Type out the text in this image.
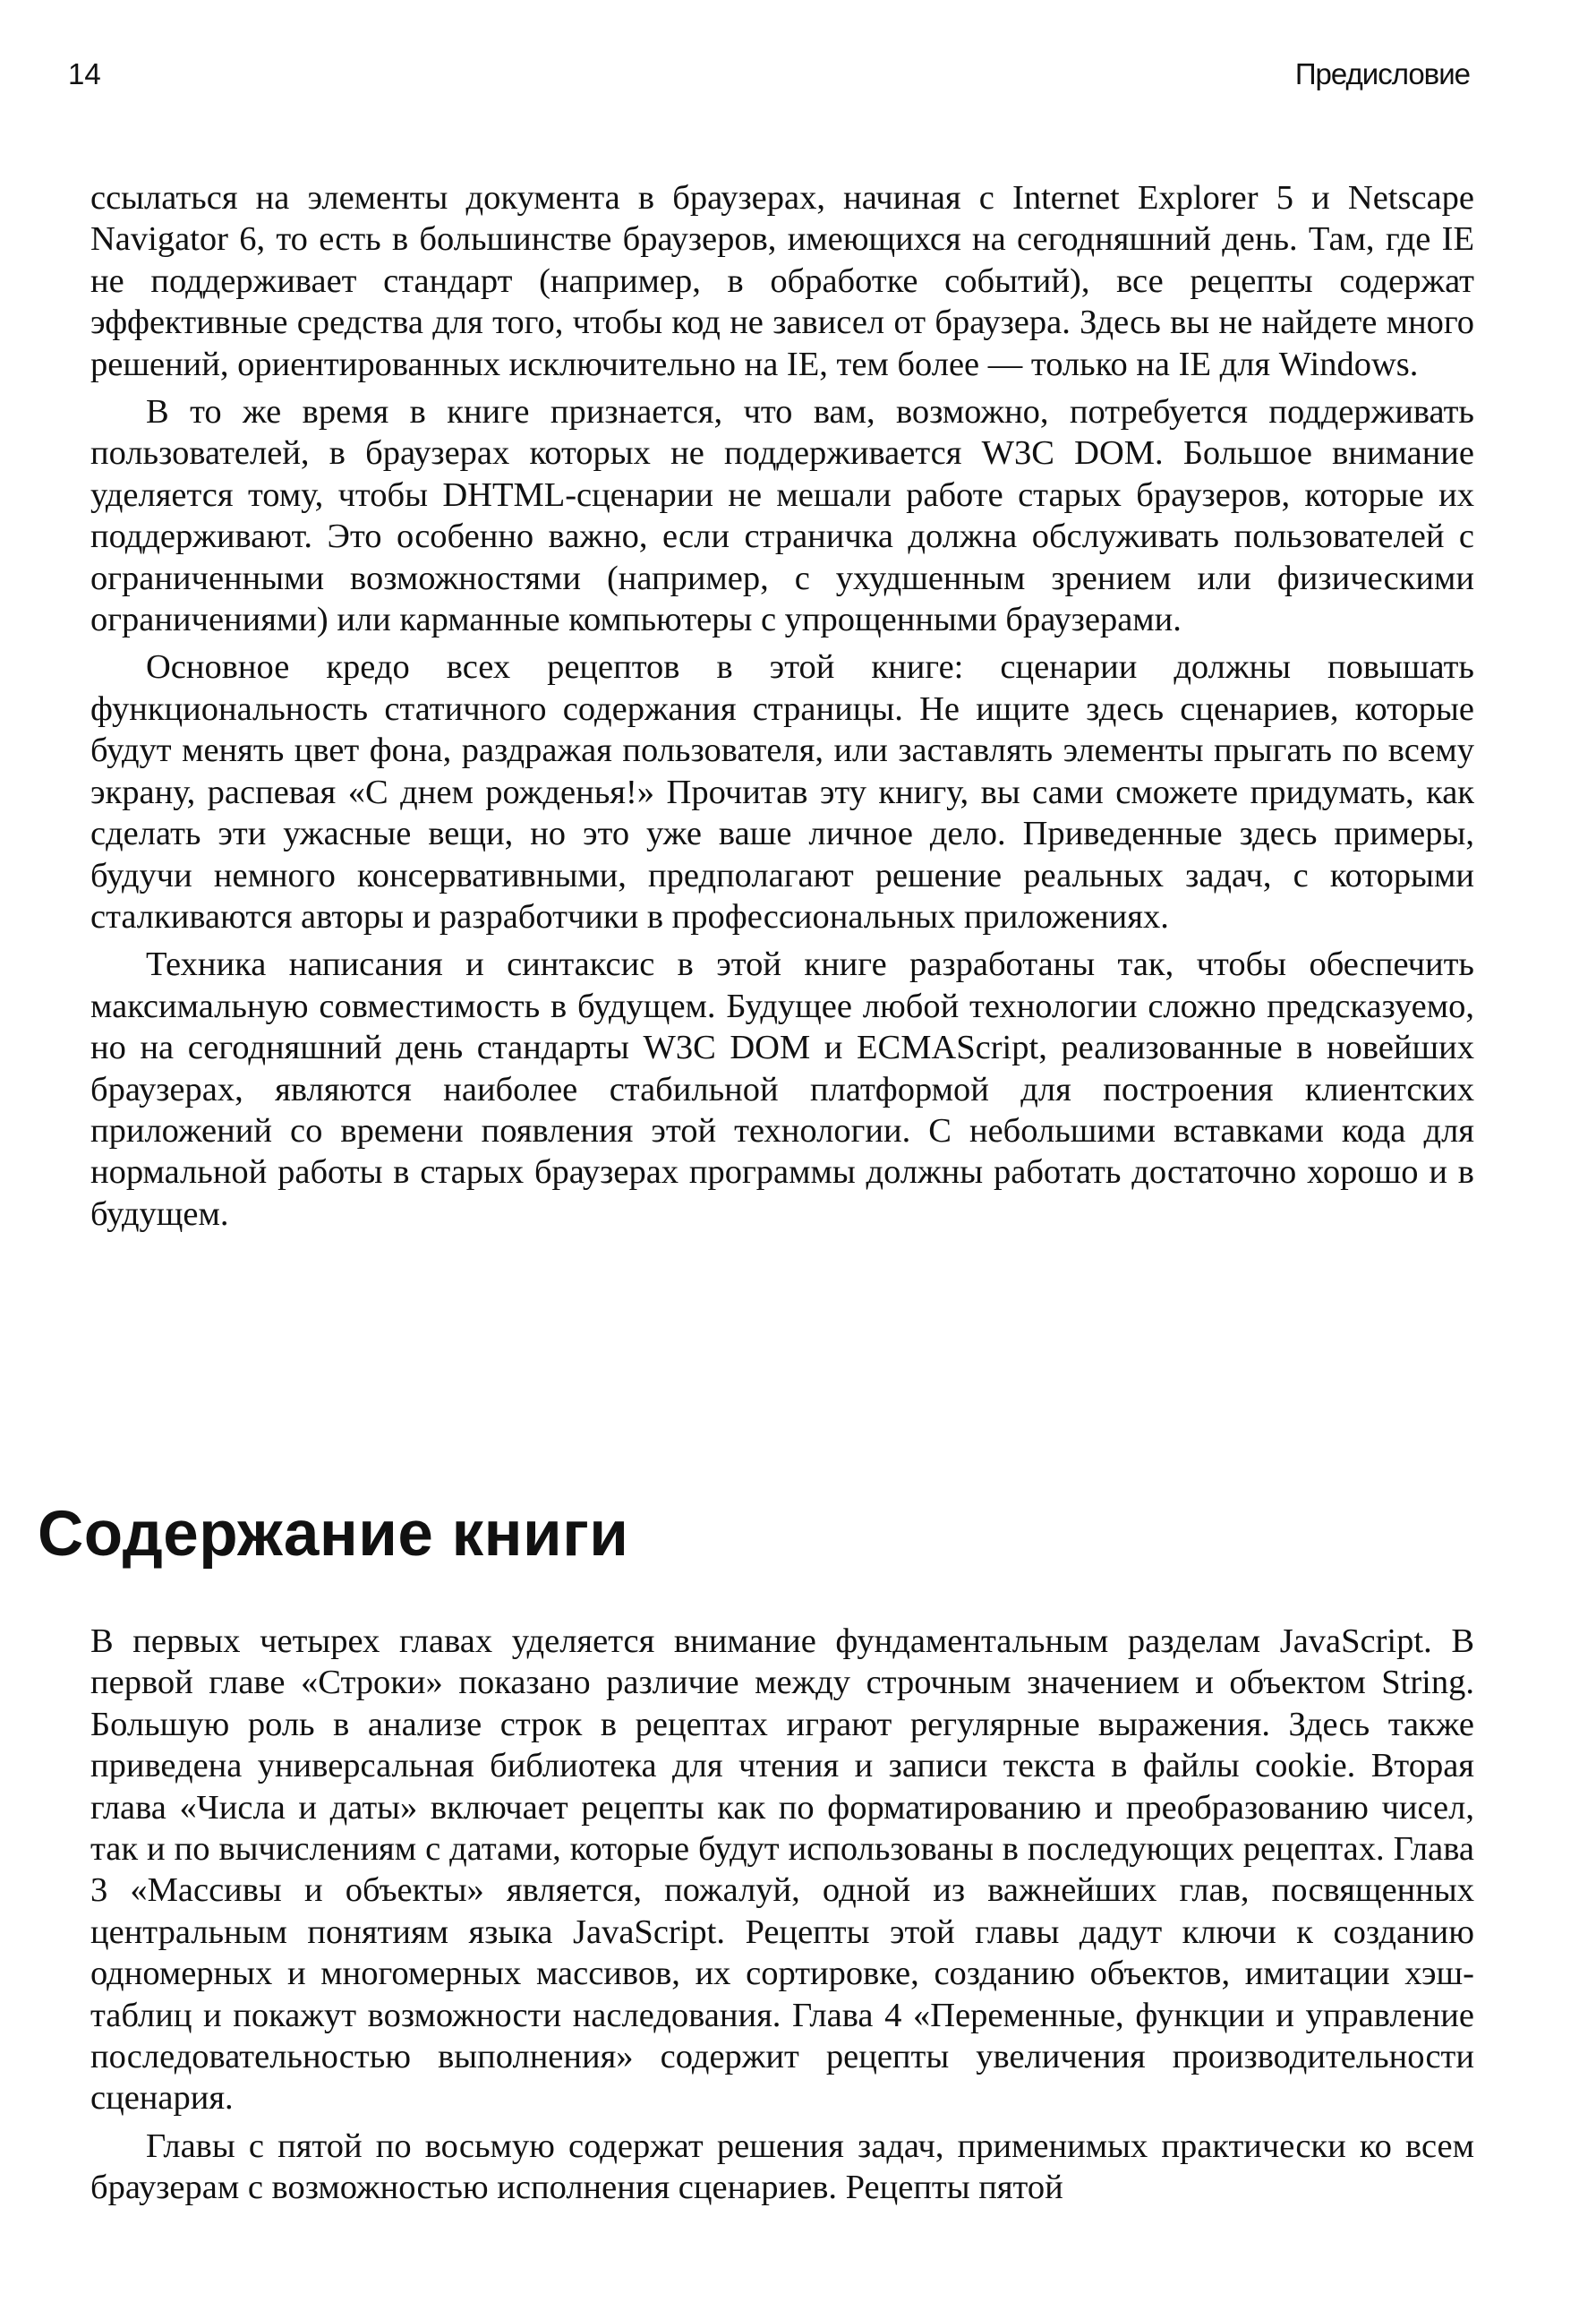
14	Предисловие

ссылаться на элементы документа в браузерах, начиная с Internet Explorer 5 и Netscape Navigator 6, то есть в большинстве браузеров, имеющихся на сегодняшний день. Там, где IE не поддерживает стандарт (например, в обработке событий), все рецепты содержат эффективные средства для того, чтобы код не зависел от браузера. Здесь вы не найдете много решений, ориентированных исключительно на IE, тем более — только на IE для Windows.

В то же время в книге признается, что вам, возможно, потребуется поддерживать пользователей, в браузерах которых не поддерживается W3C DOM. Большое внимание уделяется тому, чтобы DHTML-сценарии не мешали работе старых браузеров, которые их поддерживают. Это особенно важно, если страничка должна обслуживать пользователей с ограниченными возможностями (например, с ухудшенным зрением или физическими ограничениями) или карманные компьютеры с упрощенными браузерами.

Основное кредо всех рецептов в этой книге: сценарии должны повышать функциональность статичного содержания страницы. Не ищите здесь сценариев, которые будут менять цвет фона, раздражая пользователя, или заставлять элементы прыгать по всему экрану, распевая «С днем рожденья!» Прочитав эту книгу, вы сами сможете придумать, как сделать эти ужасные вещи, но это уже ваше личное дело. Приведенные здесь примеры, будучи немного консервативными, предполагают решение реальных задач, с которыми сталкиваются авторы и разработчики в профессиональных приложениях.

Техника написания и синтаксис в этой книге разработаны так, чтобы обеспечить максимальную совместимость в будущем. Будущее любой технологии сложно предсказуемо, но на сегодняшний день стандарты W3C DOM и ECMAScript, реализованные в новейших браузерах, являются наиболее стабильной платформой для построения клиентских приложений со времени появления этой технологии. С небольшими вставками кода для нормальной работы в старых браузерах программы должны работать достаточно хорошо и в будущем.

Содержание книги

В первых четырех главах уделяется внимание фундаментальным разделам JavaScript. В первой главе «Строки» показано различие между строчным значением и объектом String. Большую роль в анализе строк в рецептах играют регулярные выражения. Здесь также приведена универсальная библиотека для чтения и записи текста в файлы cookie. Вторая глава «Числа и даты» включает рецепты как по форматированию и преобразованию чисел, так и по вычислениям с датами, которые будут использованы в последующих рецептах. Глава 3 «Массивы и объекты» является, пожалуй, одной из важнейших глав, посвященных центральным понятиям языка JavaScript. Рецепты этой главы дадут ключи к созданию одномерных и многомерных массивов, их сортировке, созданию объектов, имитации хэш-таблиц и покажут возможности наследования. Глава 4 «Переменные, функции и управление последовательностью выполнения» содержит рецепты увеличения производительности сценария.

Главы с пятой по восьмую содержат решения задач, применимых практически ко всем браузерам с возможностью исполнения сценариев. Рецепты пятой
